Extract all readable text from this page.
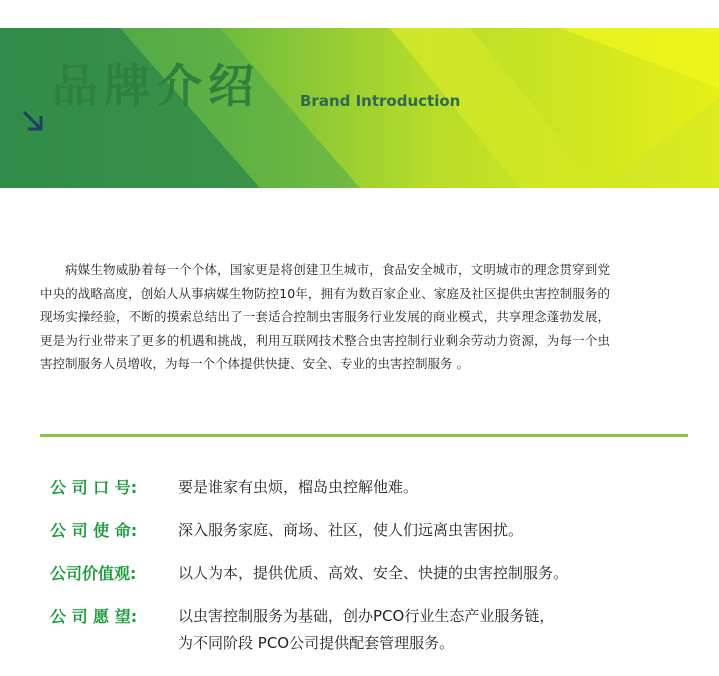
品牌介绍	Brand Introduction

病媒生物威胁着每一个个体，国家更是将创建卫生城市，食品安全城市，文明城市的理念贯穿到党中央的战略高度，创始人从事病媒生物防控10年，拥有为数百家企业、家庭及社区提供虫害控制服务的现场实操经验，不断的摸索总结出了一套适合控制虫害服务行业发展的商业模式，共享理念蓬勃发展，更是为行业带来了更多的机遇和挑战，利用互联网技术整合虫害控制行业剩余劳动力资源，为每一个虫害控制服务人员增收，为每一个个体提供快捷、安全、专业的虫害控制服务 。

公 司 口 号:	要是谁家有虫烦，榴岛虫控解他难。
公 司 使 命:	深入服务家庭、商场、社区，使人们远离虫害困扰。
公司价值观:	以人为本，提供优质、高效、安全、快捷的虫害控制服务。
公 司 愿 望:	以虫害控制服务为基础，创办PCO行业生态产业服务链，
为不同阶段 PCO公司提供配套管理服务。
